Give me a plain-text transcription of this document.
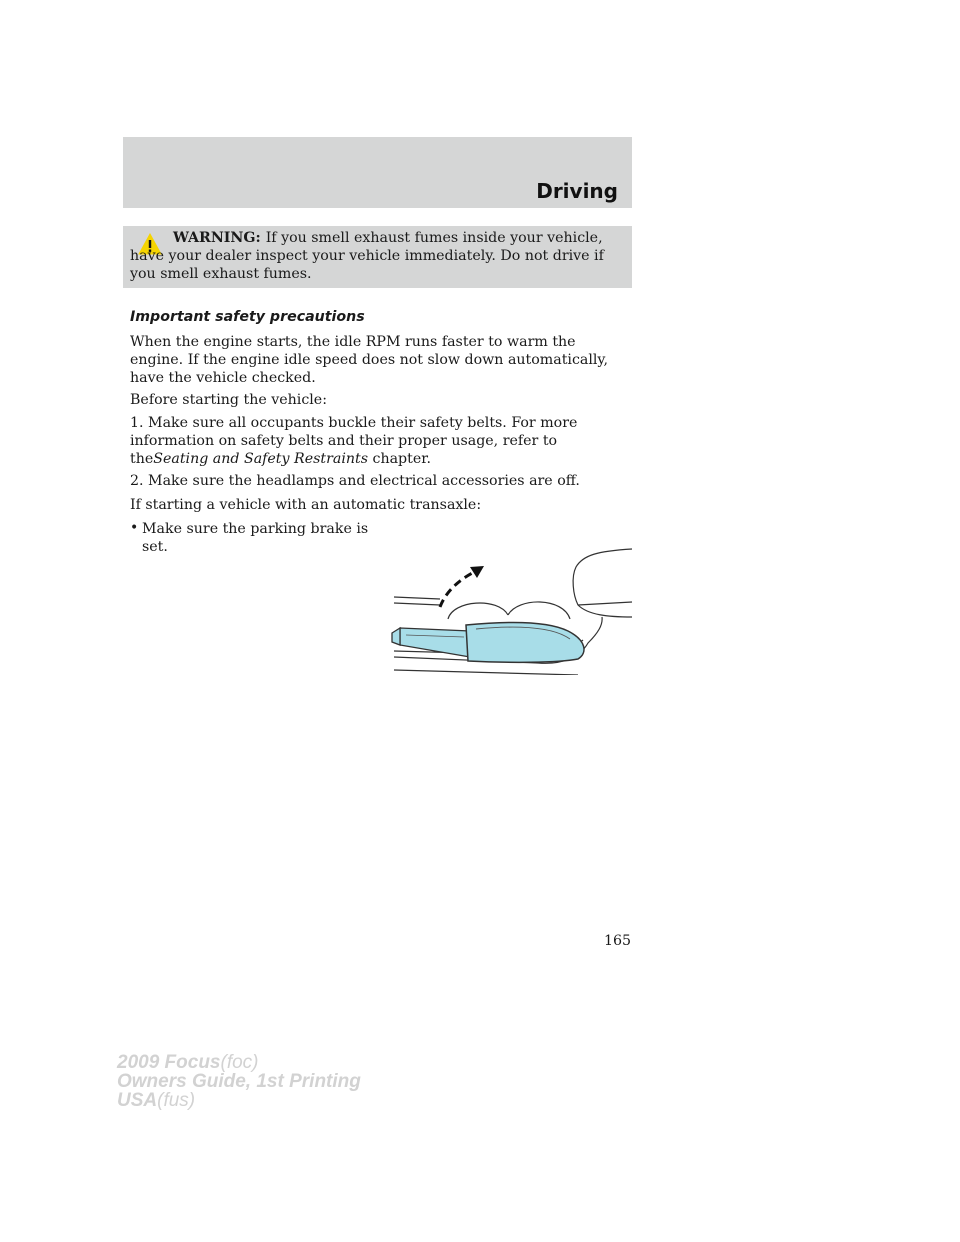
Driving
WARNING: If you smell exhaust fumes inside your vehicle, have your dealer inspect your vehicle immediately. Do not drive if you smell exhaust fumes.
Important safety precautions

When the engine starts, the idle RPM runs faster to warm the engine. If the engine idle speed does not slow down automatically, have the vehicle checked.

Before starting the vehicle:

1. Make sure all occupants buckle their safety belts. For more information on safety belts and their proper usage, refer to theSeating and Safety Restraints chapter.

2. Make sure the headlamps and electrical accessories are off.

If starting a vehicle with an automatic transaxle:

• Make sure the parking brake is set.
165
2009 Focus(foc)
Owners Guide, 1st Printing
USA(fus)
